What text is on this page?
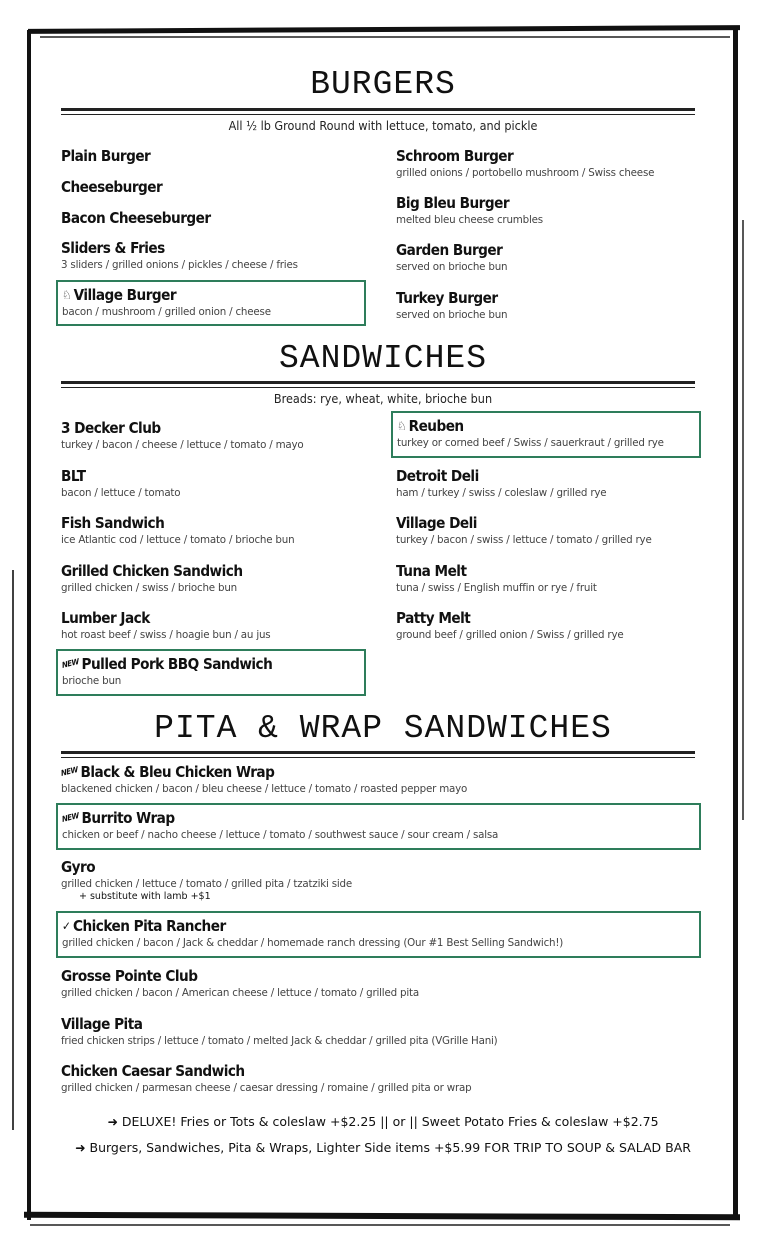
BURGERS
All ½ lb Ground Round with lettuce, tomato, and pickle
Plain Burger
Cheeseburger
Bacon Cheeseburger
Sliders & Fries
3 sliders / grilled onions / pickles / cheese / fries
♘ Village Burger
bacon / mushroom / grilled onion / cheese
Schroom Burger
grilled onions / portobello mushroom / Swiss cheese
Big Bleu Burger
melted bleu cheese crumbles
Garden Burger
served on brioche bun
Turkey Burger
served on brioche bun
SANDWICHES
Breads: rye, wheat, white, brioche bun
3 Decker Club
turkey / bacon / cheese / lettuce / tomato / mayo
BLT
bacon / lettuce / tomato
Fish Sandwich
ice Atlantic cod / lettuce / tomato / brioche bun
Grilled Chicken Sandwich
grilled chicken / swiss / brioche bun
Lumber Jack
hot roast beef / swiss / hoagie bun / au jus
NEW Pulled Pork BBQ Sandwich
brioche bun
♘ Reuben
turkey or corned beef / Swiss / sauerkraut / grilled rye
Detroit Deli
ham / turkey / swiss / coleslaw / grilled rye
Village Deli
turkey / bacon / swiss / lettuce / tomato / grilled rye
Tuna Melt
tuna / swiss / English muffin or rye / fruit
Patty Melt
ground beef / grilled onion / Swiss / grilled rye
PITA & WRAP SANDWICHES
NEW Black & Bleu Chicken Wrap
blackened chicken / bacon / bleu cheese / lettuce / tomato / roasted pepper mayo
NEW Burrito Wrap
chicken or beef / nacho cheese / lettuce / tomato / southwest sauce / sour cream / salsa
Gyro
grilled chicken / lettuce / tomato / grilled pita / tzatziki side
+ substitute with lamb +$1
✓ Chicken Pita Rancher
grilled chicken / bacon / Jack & cheddar / homemade ranch dressing (Our #1 Best Selling Sandwich!)
Grosse Pointe Club
grilled chicken / bacon / American cheese / lettuce / tomato / grilled pita
Village Pita
fried chicken strips / lettuce / tomato / melted Jack & cheddar / grilled pita (VGrille Hani)
Chicken Caesar Sandwich
grilled chicken / parmesan cheese / caesar dressing / romaine / grilled pita or wrap
➜ DELUXE! Fries or Tots & coleslaw +$2.25 || or || Sweet Potato Fries & coleslaw +$2.75
➜ Burgers, Sandwiches, Pita & Wraps, Lighter Side items +$5.99 FOR TRIP TO SOUP & SALAD BAR
